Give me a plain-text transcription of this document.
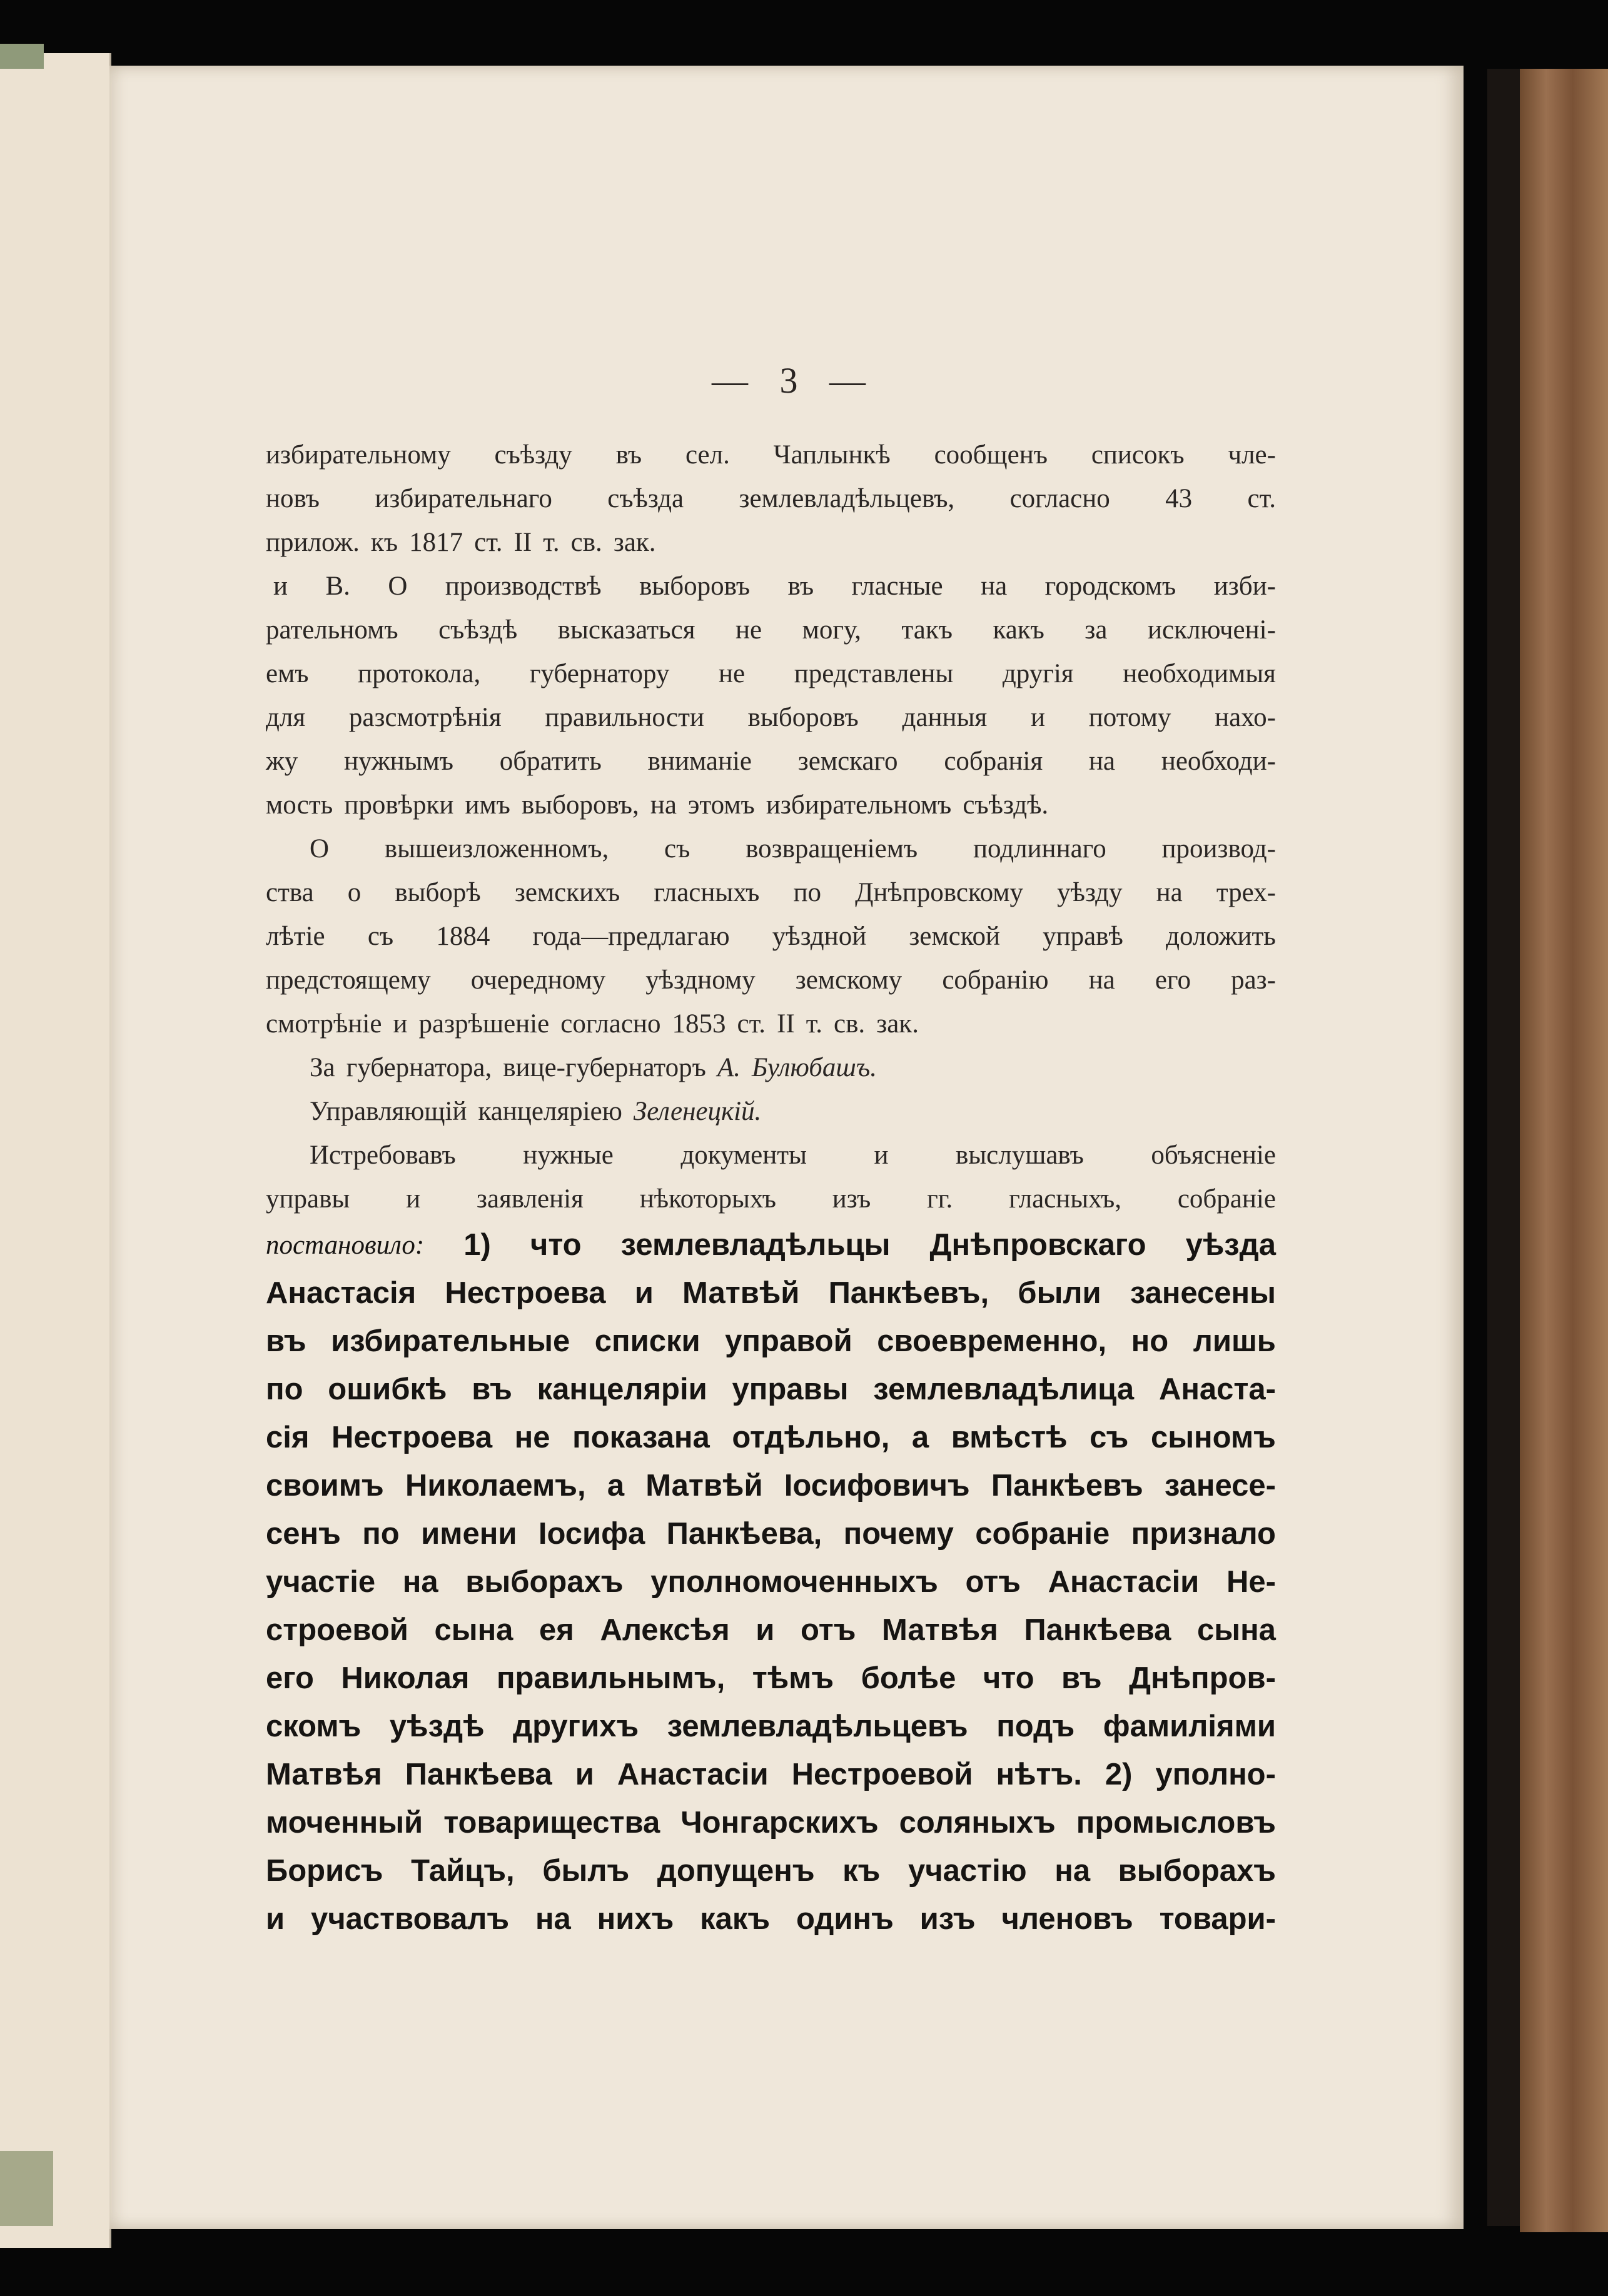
— 3 —
избирательному съѣзду въ сел. Чаплынкѣ сообщенъ списокъ чле-
новъ избирательнаго съѣзда землевладѣльцевъ, согласно 43 ст.
прилож. къ 1817 ст. II т. св. зак.
и В. О производствѣ выборовъ въ гласные на городскомъ изби-
рательномъ съѣздѣ высказаться не могу, такъ какъ за исключені-
емъ протокола, губернатору не представлены другія необходимыя
для разсмотрѣнія правильности выборовъ данныя и потому нахо-
жу нужнымъ обратить вниманіе земскаго собранія на необходи-
мость провѣрки имъ выборовъ, на этомъ избирательномъ съѣздѣ.
О вышеизложенномъ, съ возвращеніемъ подлиннаго производ-
ства о выборѣ земскихъ гласныхъ по Днѣпровскому уѣзду на трех-
лѣтіе съ 1884 года—предлагаю уѣздной земской управѣ доложить
предстоящему очередному уѣздному земскому собранію на его раз-
смотрѣніе и разрѣшеніе согласно 1853 ст. II т. св. зак.
За губернатора, вице-губернаторъ А. Булюбашъ.
Управляющій канцеляріею Зеленецкій.
Истребовавъ	нужные	документы	и	выслушавъ	объясненіе
управы и заявленія нѣкоторыхъ изъ гг. гласныхъ, собраніе
постановило: 1) что землевладѣльцы Днѣпровскаго уѣзда
Анастасія Нестроева и Матвѣй Панкѣевъ, были занесены
въ избирательные списки управой своевременно, но лишь
по ошибкѣ въ канцеляріи управы землевладѣлица Анаста-
сія Нестроева не показана отдѣльно, а вмѣстѣ съ сыномъ
своимъ Николаемъ, а Матвѣй Іосифовичъ Панкѣевъ занесе-
сенъ по имени Іосифа Панкѣева, почему собраніе признало
участіе на выборахъ уполномоченныхъ отъ Анастасіи Не-
строевой сына ея Алексѣя и отъ Матвѣя Панкѣева сына
его Николая правильнымъ, тѣмъ болѣе что въ Днѣпров-
скомъ уѣздѣ другихъ землевладѣльцевъ подъ фамиліями
Матвѣя Панкѣева и Анастасіи Нестроевой нѣтъ. 2) уполно-
моченный товарищества Чонгарскихъ соляныхъ промысловъ
Борисъ Тайцъ, былъ допущенъ къ участію на выборахъ
и участвовалъ на нихъ какъ одинъ изъ членовъ товари-
